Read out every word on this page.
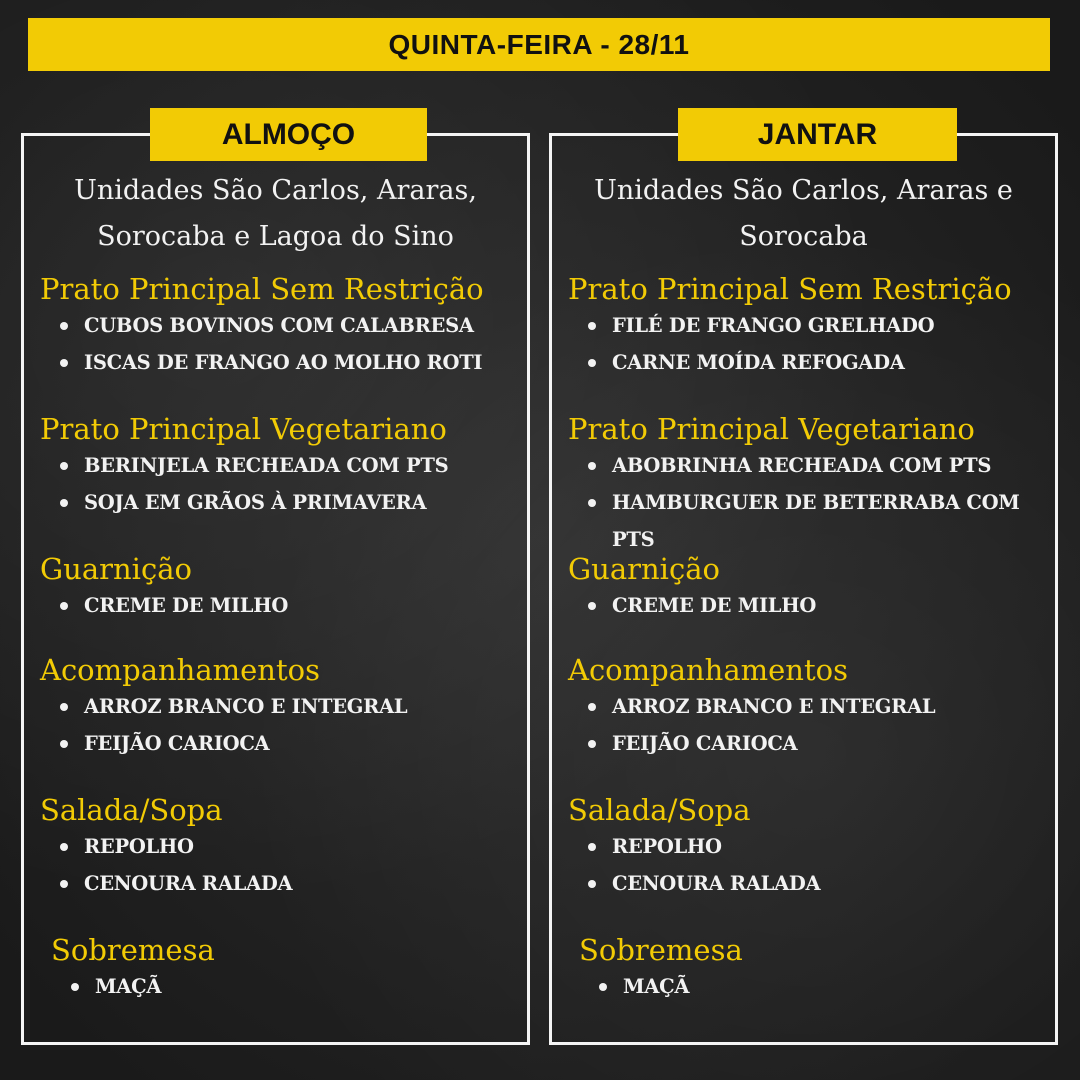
QUINTA-FEIRA - 28/11
ALMOÇO
Unidades São Carlos, Araras,
Sorocaba e Lagoa do Sino
Prato Principal Sem Restrição
CUBOS BOVINOS COM CALABRESA
ISCAS DE FRANGO AO MOLHO ROTI
Prato Principal Vegetariano
BERINJELA RECHEADA COM PTS
SOJA EM GRÃOS À PRIMAVERA
Guarnição
CREME DE MILHO
Acompanhamentos
ARROZ BRANCO E INTEGRAL
FEIJÃO CARIOCA
Salada/Sopa
REPOLHO
CENOURA RALADA
Sobremesa
MAÇÃ
JANTAR
Unidades São Carlos, Araras e
Sorocaba
Prato Principal Sem Restrição
FILÉ DE FRANGO GRELHADO
CARNE MOÍDA REFOGADA
Prato Principal Vegetariano
ABOBRINHA RECHEADA COM PTS
HAMBURGUER DE BETERRABA COM PTS
Guarnição
CREME DE MILHO
Acompanhamentos
ARROZ BRANCO E INTEGRAL
FEIJÃO CARIOCA
Salada/Sopa
REPOLHO
CENOURA RALADA
Sobremesa
MAÇÃ
